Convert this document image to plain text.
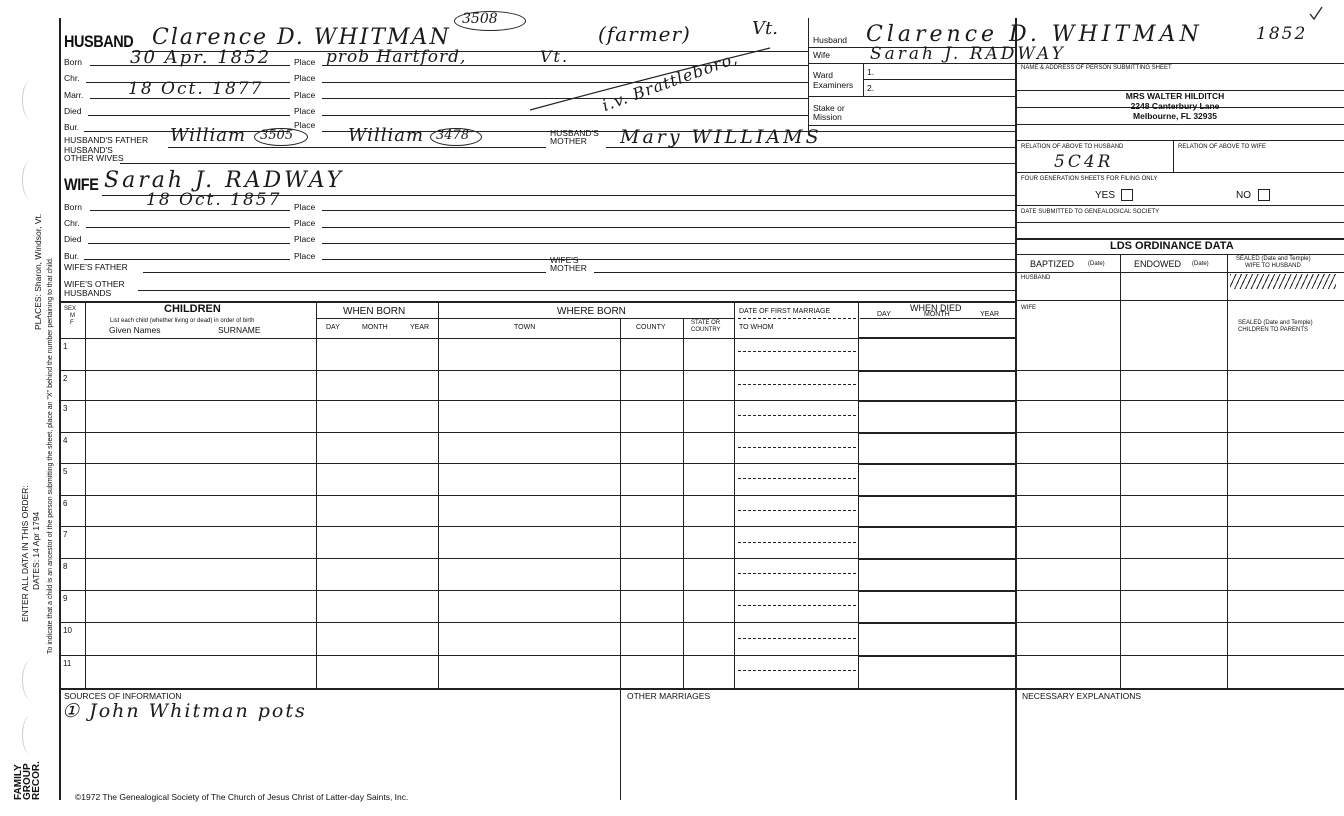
FAMILY GROUP RECOR.
ENTER ALL DATA IN THIS ORDER: DATES: 14 Apr 1794
PLACES: Sharon, Windsor, Vt. To indicate that a child is an ancestor of the person submitting the sheet, place an "X" behind the number pertaining to that child.
HUSBAND Clarence D. WHITMAN
3508
(farmer)	Vt.
Born	30 Apr. 1852	Place prob Hartford,	Vt.
Chr.	Place
Marr.	18 Oct. 1877	Place	i.v. Brattleboro,
Died	Place
Bur.	Place
HUSBAND'S FATHER William 3505	William 3478	HUSBAND'S
MOTHER Mary WILLIAMS
HUSBAND'S
OTHER WIVES
WIFE Sarah J. RADWAY
Born	18 Oct. 1857 Place
Chr.	Place
Died	Place
Bur.	Place
WIFE'S FATHER
WIFE'S
MOTHER
WIFE'S OTHER
HUSBANDS
Husband Clarence D. WHITMAN	1852
Wife Sarah J. RADWAY
Ward
Examiners
1.
2.
Stake or
Mission
NAME & ADDRESS OF PERSON SUBMITTING SHEET
MRS WALTER HILDITCH
2248 Canterbury Lane
Melbourne, FL 32935
RELATION OF ABOVE TO HUSBAND
5C4R
RELATION OF ABOVE TO WIFE
FOUR GENERATION SHEETS FOR FILING ONLY
YES	NO
DATE SUBMITTED TO GENEALOGICAL SOCIETY
LDS ORDINANCE DATA
BAPTIZED (Date)	ENDOWED (Date)
SEALED (Date and Temple)
WIFE TO HUSBAND
HUSBAND
WIFE
SEALED (Date and Temple)
CHILDREN TO PARENTS
SEX
M
F
CHILDREN
List each child (whether living or dead) in order of birth
Given Names	SURNAME
WHEN BORN
DAY	MONTH	YEAR
WHERE BORN
TOWN	COUNTY
STATE OR
COUNTRY
DATE OF FIRST MARRIAGE
TO WHOM
WHEN DIED
DAY	MONTH	YEAR
1
2
3
4
5
6
7
8
9
10
11
SOURCES OF INFORMATION
① John Whitman pots
OTHER MARRIAGES	NECESSARY EXPLANATIONS
©1972 The Genealogical Society of The Church of Jesus Christ of Latter-day Saints, Inc.
